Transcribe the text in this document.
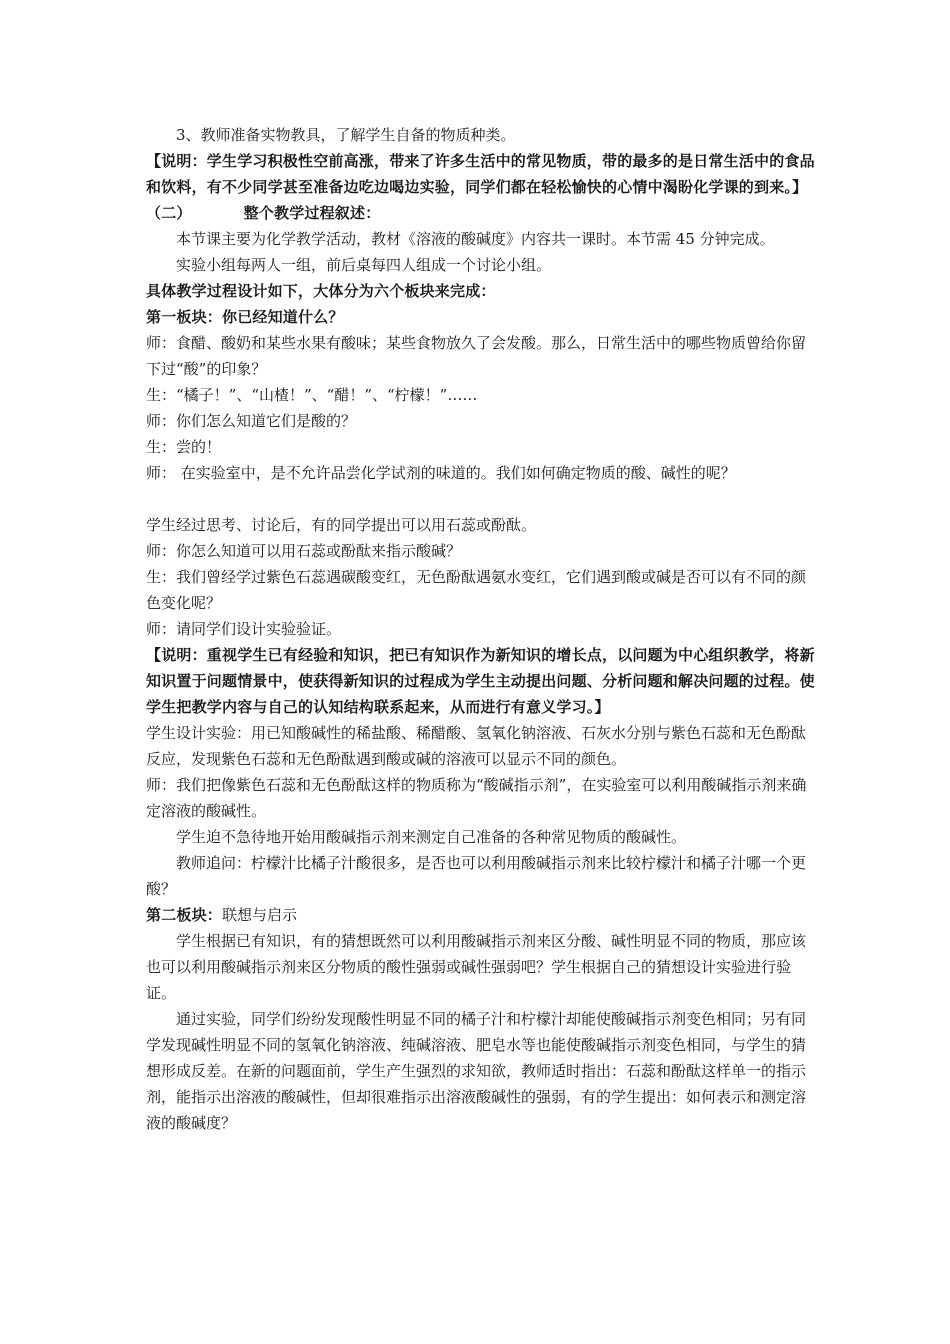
3、教师准备实物教具，了解学生自备的物质种类。

【说明：学生学习积极性空前高涨，带来了许多生活中的常见物质，带的最多的是日常生活中的食品和饮料，有不少同学甚至准备边吃边喝边实验，同学们都在轻松愉快的心情中渴盼化学课的到来。】

（二）	整个教学过程叙述：

本节课主要为化学教学活动，教材《溶液的酸碱度》内容共一课时。本节需 45 分钟完成。

实验小组每两人一组，前后桌每四人组成一个讨论小组。

具体教学过程设计如下，大体分为六个板块来完成：

第一板块：你已经知道什么？

师：食醋、酸奶和某些水果有酸味；某些食物放久了会发酸。那么，日常生活中的哪些物质曾给你留下过“酸”的印象？

生：“橘子！”、“山楂！”、“醋！”、“柠檬！”……

师：你们怎么知道它们是酸的？

生：尝的！

师： 在实验室中，是不允许品尝化学试剂的味道的。我们如何确定物质的酸、碱性的呢？

学生经过思考、讨论后，有的同学提出可以用石蕊或酚酞。

师：你怎么知道可以用石蕊或酚酞来指示酸碱？

生：我们曾经学过紫色石蕊遇碳酸变红，无色酚酞遇氨水变红，它们遇到酸或碱是否可以有不同的颜色变化呢？

师：请同学们设计实验验证。

【说明：重视学生已有经验和知识，把已有知识作为新知识的增长点，以问题为中心组织教学，将新知识置于问题情景中，使获得新知识的过程成为学生主动提出问题、分析问题和解决问题的过程。使学生把教学内容与自己的认知结构联系起来，从而进行有意义学习。】

学生设计实验：用已知酸碱性的稀盐酸、稀醋酸、氢氧化钠溶液、石灰水分别与紫色石蕊和无色酚酞反应，发现紫色石蕊和无色酚酞遇到酸或碱的溶液可以显示不同的颜色。

师：我们把像紫色石蕊和无色酚酞这样的物质称为“酸碱指示剂”，在实验室可以利用酸碱指示剂来确定溶液的酸碱性。

学生迫不急待地开始用酸碱指示剂来测定自己准备的各种常见物质的酸碱性。

教师追问：柠檬汁比橘子汁酸很多，是否也可以利用酸碱指示剂来比较柠檬汁和橘子汁哪一个更酸？

第二板块：联想与启示

学生根据已有知识，有的猜想既然可以利用酸碱指示剂来区分酸、碱性明显不同的物质，那应该也可以利用酸碱指示剂来区分物质的酸性强弱或碱性强弱吧？学生根据自己的猜想设计实验进行验证。

通过实验，同学们纷纷发现酸性明显不同的橘子汁和柠檬汁却能使酸碱指示剂变色相同；另有同学发现碱性明显不同的氢氧化钠溶液、纯碱溶液、肥皂水等也能使酸碱指示剂变色相同，与学生的猜想形成反差。在新的问题面前，学生产生强烈的求知欲，教师适时指出：石蕊和酚酞这样单一的指示剂，能指示出溶液的酸碱性，但却很难指示出溶液酸碱性的强弱，有的学生提出：如何表示和测定溶液的酸碱度？
